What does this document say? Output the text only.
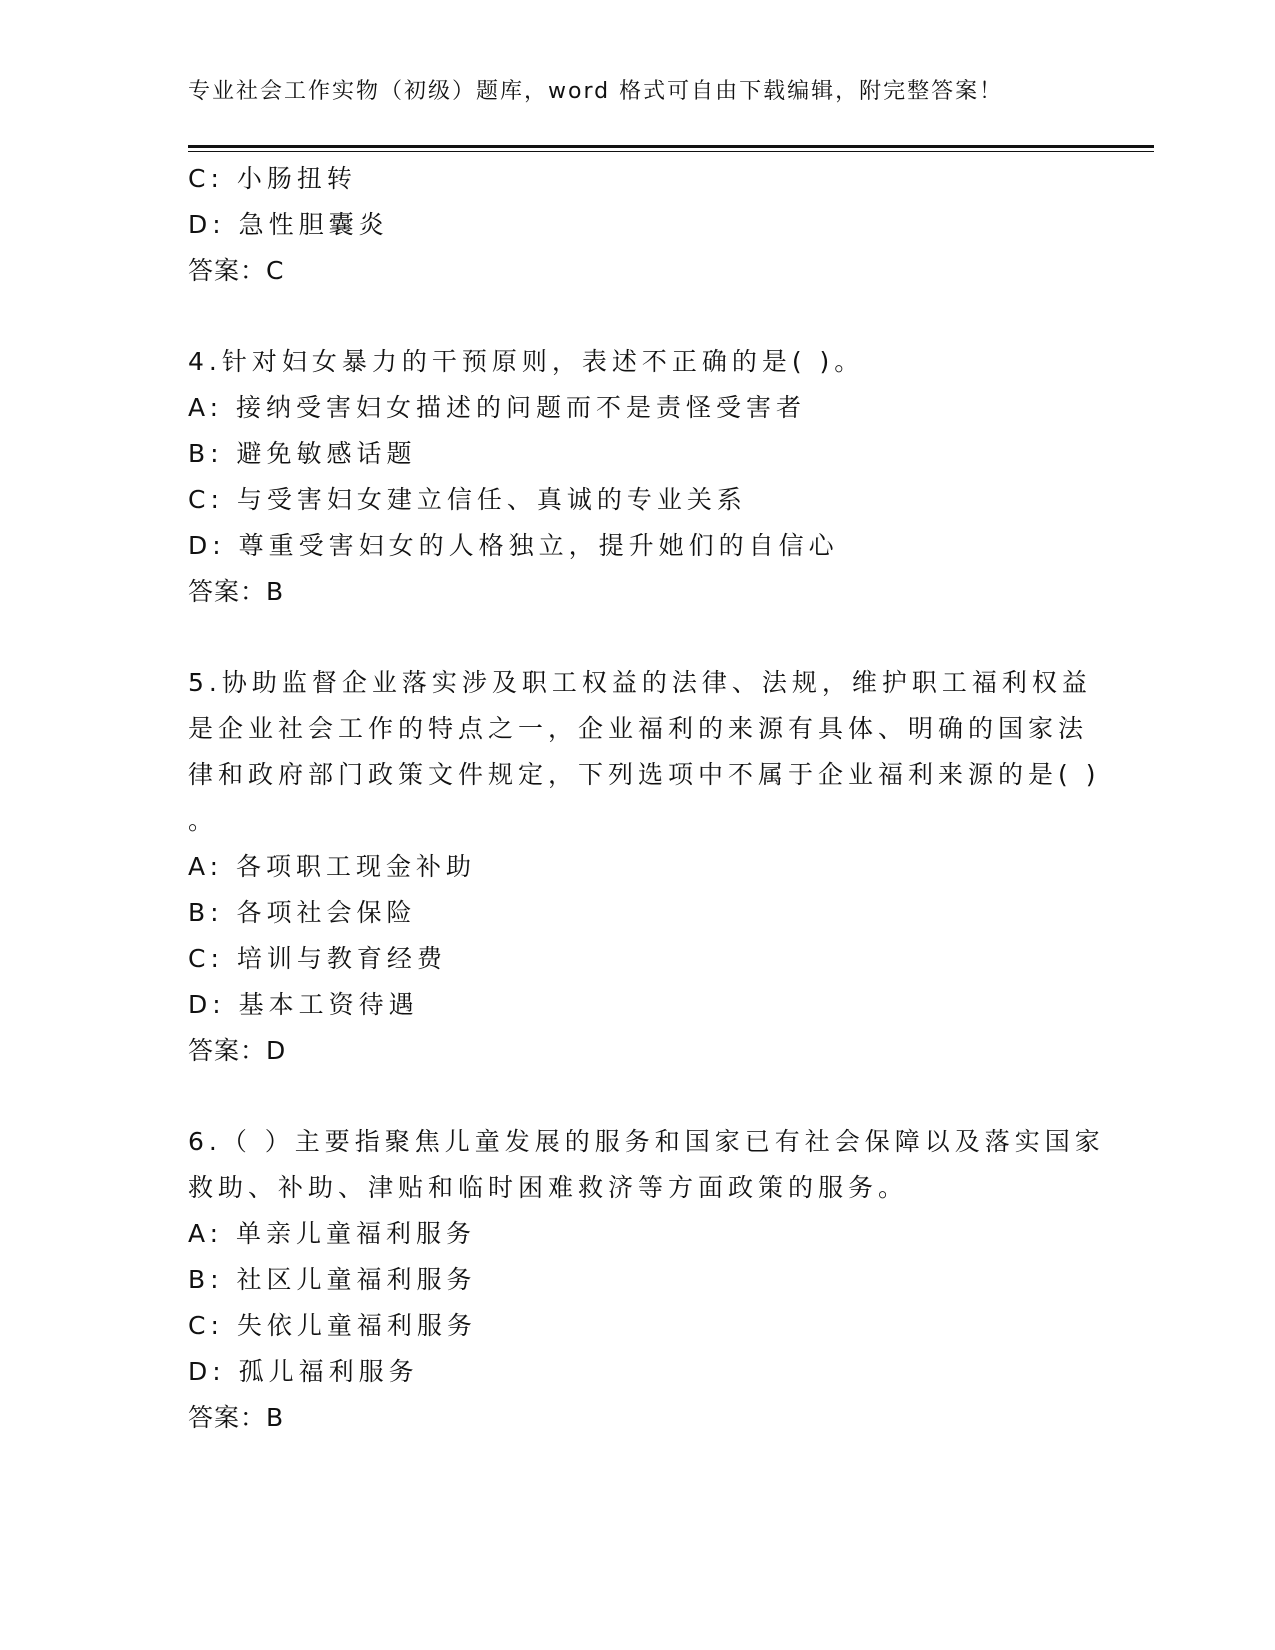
专业社会工作实物（初级）题库，word 格式可自由下载编辑，附完整答案！
C: 小肠扭转
D: 急性胆囊炎
答案：C
4.针对妇女暴力的干预原则，表述不正确的是( )。
A: 接纳受害妇女描述的问题而不是责怪受害者
B: 避免敏感话题
C: 与受害妇女建立信任、真诚的专业关系
D: 尊重受害妇女的人格独立，提升她们的自信心
答案：B
5.协助监督企业落实涉及职工权益的法律、法规，维护职工福利权益
是企业社会工作的特点之一，企业福利的来源有具体、明确的国家法
律和政府部门政策文件规定，下列选项中不属于企业福利来源的是( )
。
A: 各项职工现金补助
B: 各项社会保险
C: 培训与教育经费
D: 基本工资待遇
答案：D
6.（ ）主要指聚焦儿童发展的服务和国家已有社会保障以及落实国家
救助、补助、津贴和临时困难救济等方面政策的服务。
A: 单亲儿童福利服务
B: 社区儿童福利服务
C: 失依儿童福利服务
D: 孤儿福利服务
答案：B
